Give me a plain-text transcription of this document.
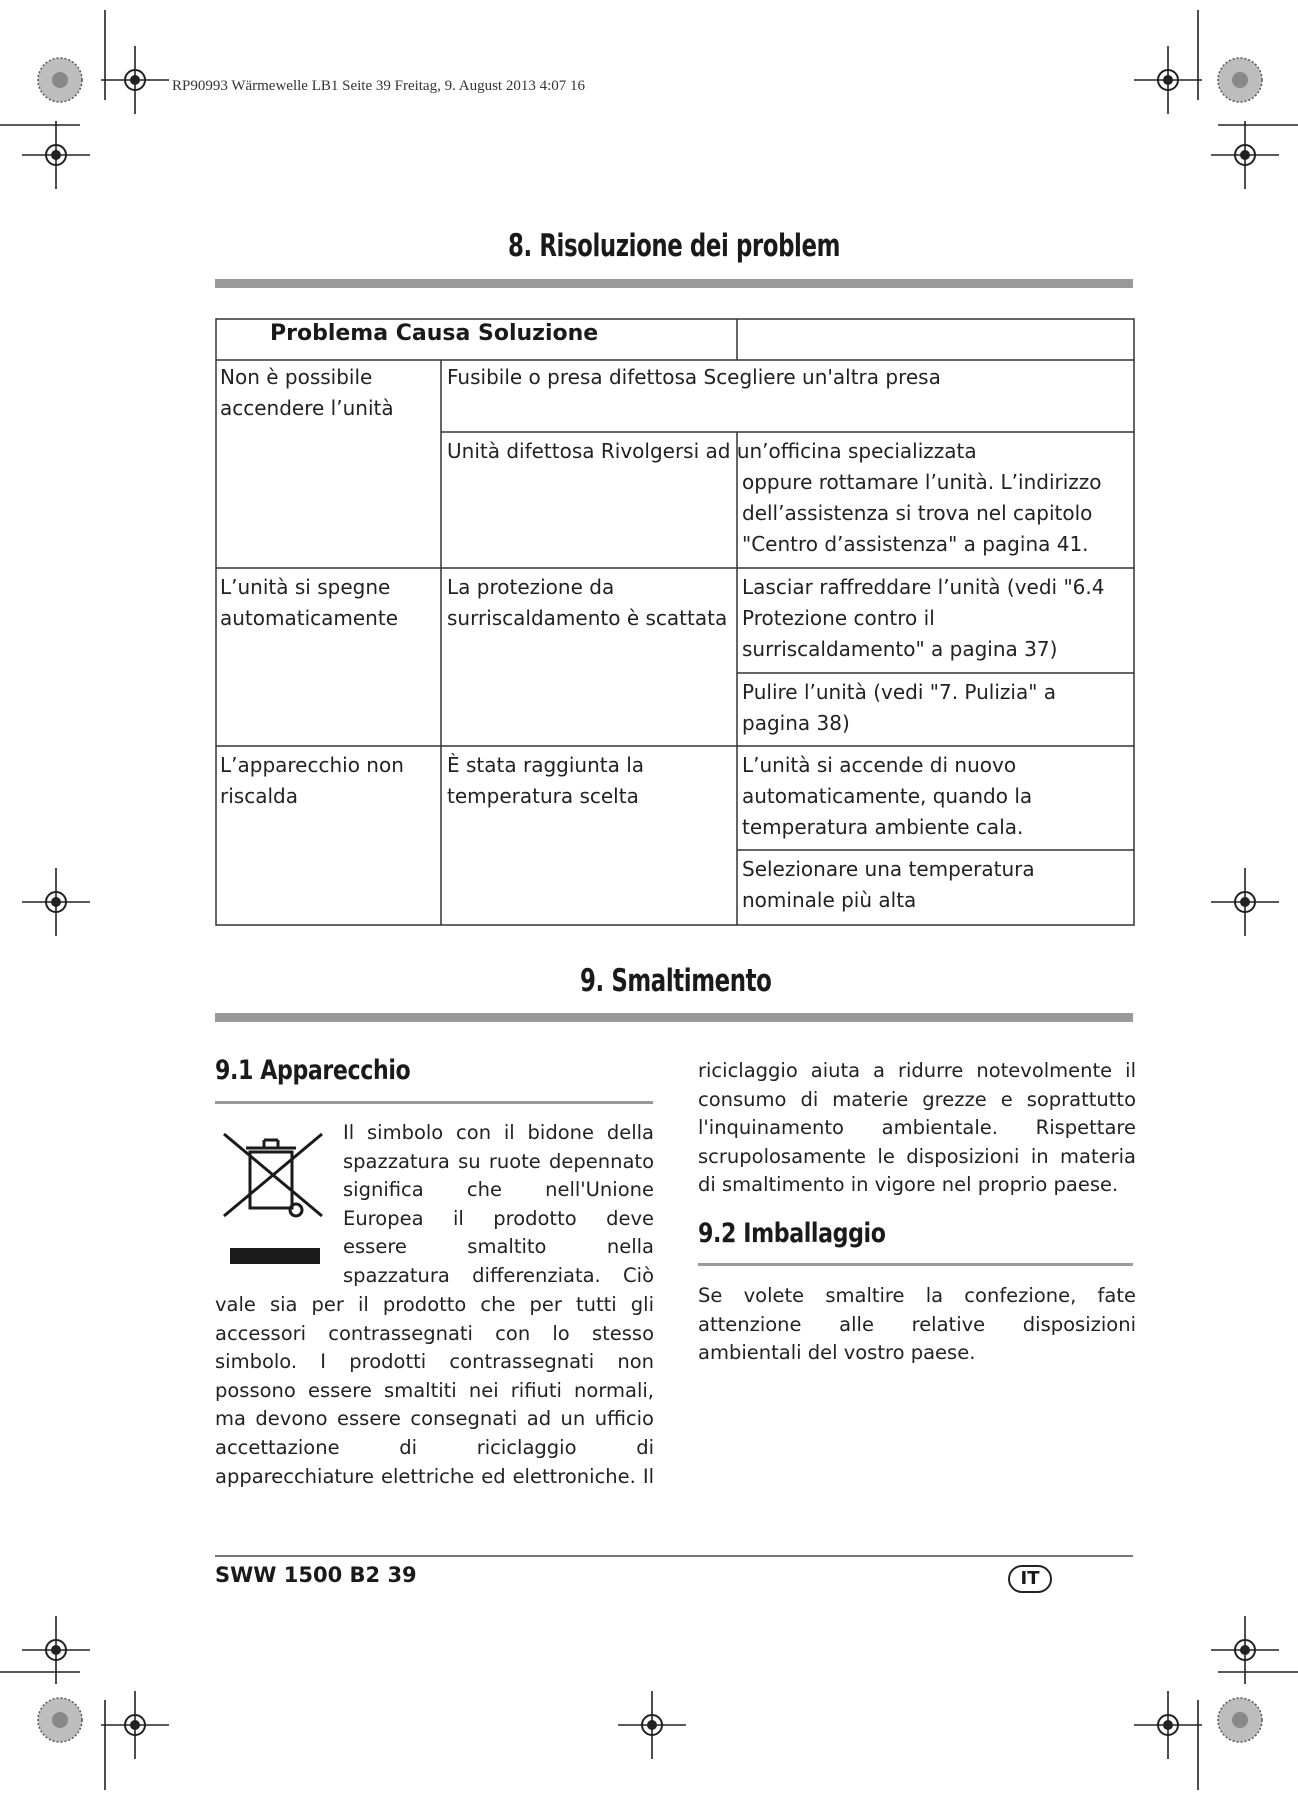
RP90993 Wärmewelle LB1 Seite 39 Freitag, 9. August 2013 4:07 16
8. Risoluzione dei problem
Problema Causa Soluzione
Non è possibile accendere l’unità
Fusibile o presa difettosa Scegliere un'altra presa
Unità difettosa Rivolgersi ad un’officina specializzata
oppure rottamare l’unità. L’indirizzo dell’assistenza si trova nel capitolo "Centro d’assistenza" a pagina 41.
L’unità si spegne automaticamente
La protezione da surriscaldamento è scattata
Lasciar raffreddare l’unità (vedi "6.4 Protezione contro il surriscaldamento" a pagina 37)
Pulire l’unità (vedi "7. Pulizia" a pagina 38)
L’apparecchio non riscalda
È stata raggiunta la temperatura scelta
L’unità si accende di nuovo automaticamente, quando la temperatura ambiente cala.
Selezionare una temperatura nominale più alta
9. Smaltimento
9.1 Apparecchio
Il simbolo con il bidone della spazzatura su ruote depennato significa che nell'Unione Europea il prodotto deve essere smaltito nella spazzatura differenziata. Ciò
vale sia per il prodotto che per tutti gli accessori contrassegnati con lo stesso simbolo. I prodotti contrassegnati non possono essere smaltiti nei rifiuti normali, ma devono essere consegnati ad un ufficio accettazione di riciclaggio di apparecchiature elettriche ed elettroniche. Il
riciclaggio aiuta a ridurre notevolmente il consumo di materie grezze e soprattutto l'inquinamento ambientale. Rispettare scrupolosamente le disposizioni in materia di smaltimento in vigore nel proprio paese.
9.2 Imballaggio
Se volete smaltire la confezione, fate attenzione alle relative disposizioni ambientali del vostro paese.
SWW 1500 B2 39	IT
